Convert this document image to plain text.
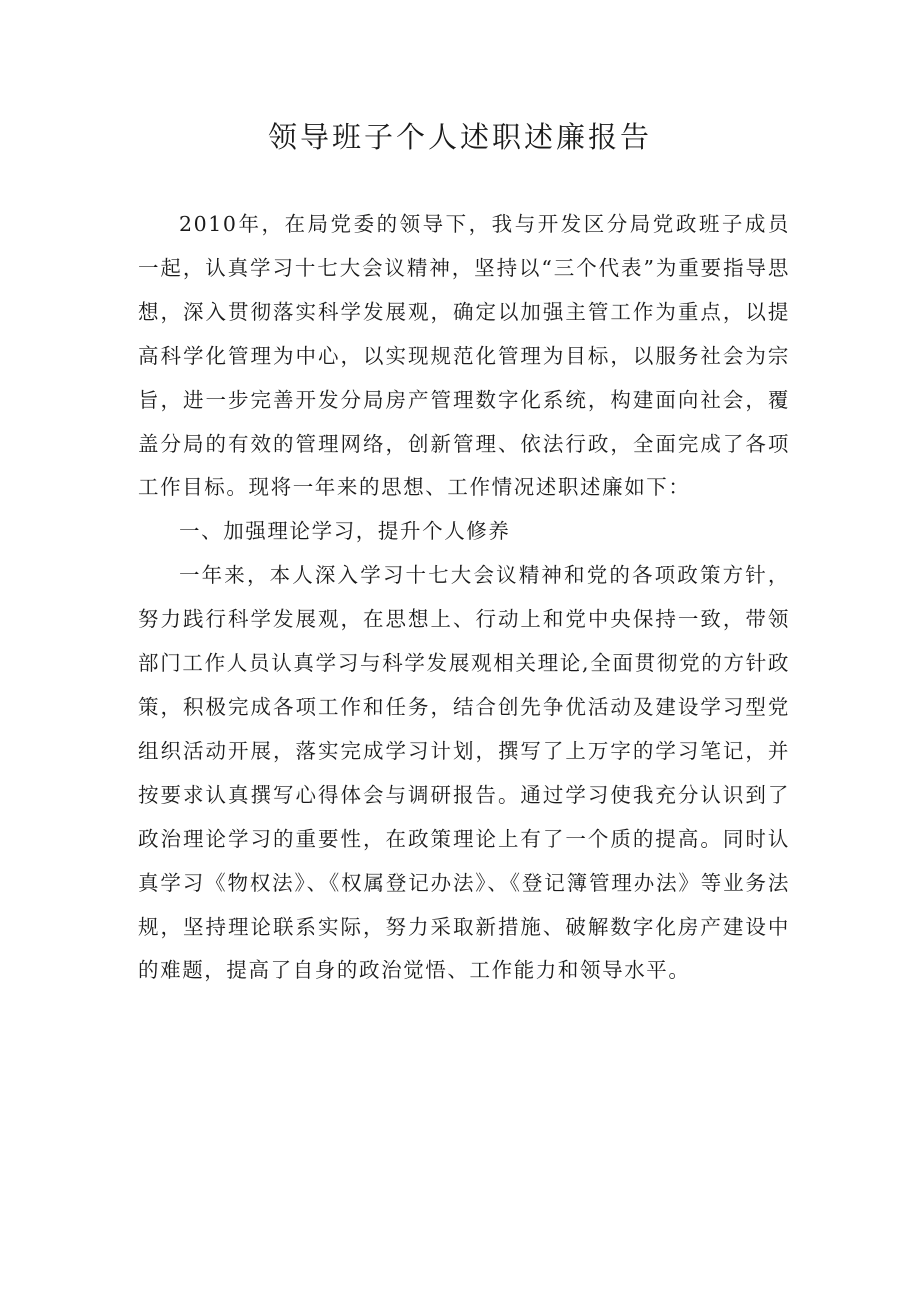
领导班子个人述职述廉报告

2010年，在局党委的领导下，我与开发区分局党政班子成员一起，认真学习十七大会议精神，坚持以“三个代表”为重要指导思想，深入贯彻落实科学发展观，确定以加强主管工作为重点，以提高科学化管理为中心，以实现规范化管理为目标，以服务社会为宗旨，进一步完善开发分局房产管理数字化系统，构建面向社会，覆盖分局的有效的管理网络，创新管理、依法行政，全面完成了各项工作目标。现将一年来的思想、工作情况述职述廉如下：

一、加强理论学习，提升个人修养

一年来，本人深入学习十七大会议精神和党的各项政策方针，努力践行科学发展观，在思想上、行动上和党中央保持一致，带领部门工作人员认真学习与科学发展观相关理论,全面贯彻党的方针政策，积极完成各项工作和任务，结合创先争优活动及建设学习型党组织活动开展，落实完成学习计划，撰写了上万字的学习笔记，并按要求认真撰写心得体会与调研报告。通过学习使我充分认识到了政治理论学习的重要性，在政策理论上有了一个质的提高。同时认真学习《物权法》、《权属登记办法》、《登记簿管理办法》等业务法规，坚持理论联系实际，努力采取新措施、破解数字化房产建设中的难题，提高了自身的政治觉悟、工作能力和领导水平。
